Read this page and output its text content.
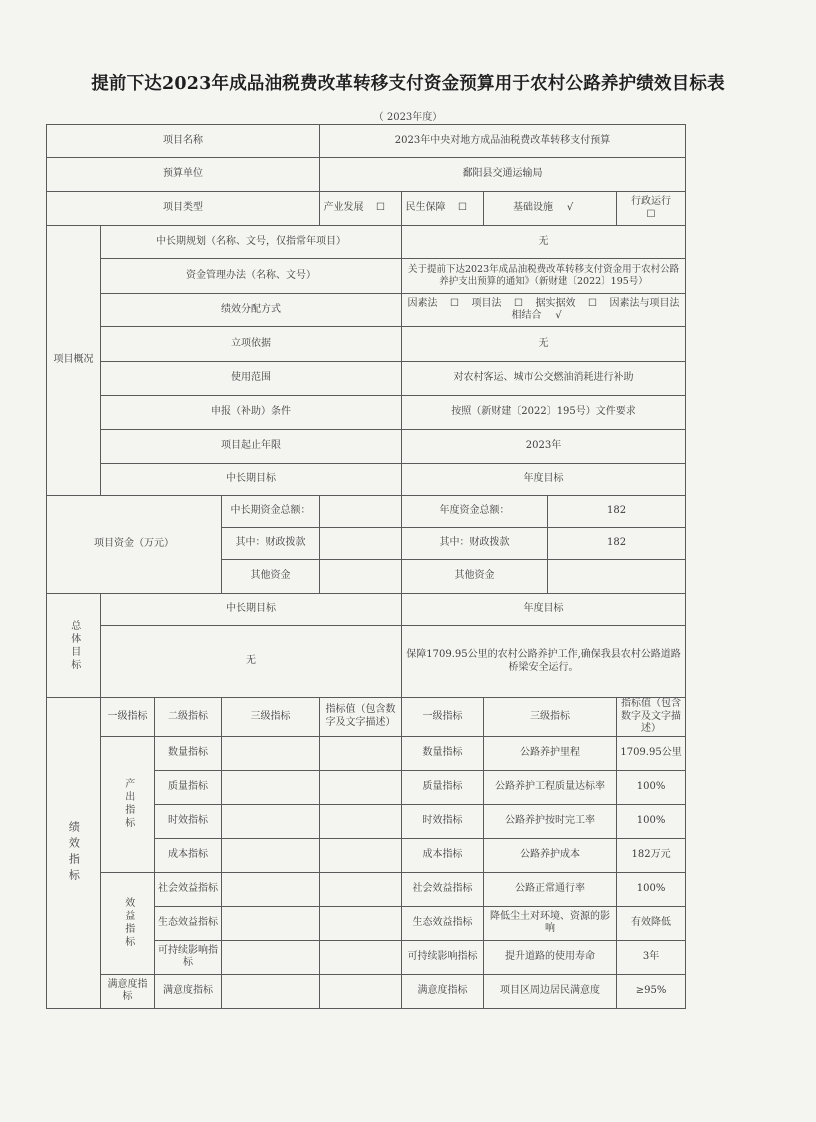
提前下达2023年成品油税费改革转移支付资金预算用于农村公路养护绩效目标表
（ 2023年度）
项目名称				2023年中央对地方成品油税费改革转移支付预算				
预算单位				鄱阳县交通运输局				
项目类型				产业发展 ☐	民生保障 ☐	基础设施 √		行政运行☐
项目概况	中长期规划（名称、文号，仅指常年项目）				无			
	资金管理办法（名称、文号）				关于提前下达2023年成品油税费改革转移支付资金用于农村公路养护支出预算的通知》（新财建〔2022〕195号）			
	绩效分配方式				因素法 ☐ 项目法 ☐ 据实据效 ☐ 因素法与项目法相结合 √			
	立项依据				无			
	使用范围				对农村客运、城市公交燃油消耗进行补助			
	申报（补助）条件				按照（新财建〔2022〕195号）文件要求			
	项目起止年限				2023年			
	中长期目标				年度目标			
项目资金（万元）			中长期资金总额：		年度资金总额：		182	
			其中：财政拨款		其中：财政拨款		182	
			其他资金		其他资金			
总体目标	中长期目标				年度目标			
	无				保障1709.95公里的农村公路养护工作,确保我县农村公路道路桥梁安全运行。			
绩效指标	一级指标	二级指标	三级指标	指标值（包含数字及文字描述）	一级指标	三级指标		指标值（包含数字及文字描述）
	产出指标	数量指标			数量指标	公路养护里程		1709.95公里
		质量指标			质量指标	公路养护工程质量达标率		100%
		时效指标			时效指标	公路养护按时完工率		100%
		成本指标			成本指标	公路养护成本		182万元
	效益指标	社会效益指标			社会效益指标	公路正常通行率		100%
		生态效益指标			生态效益指标	降低尘土对环境、资源的影响		有效降低
		可持续影响指标			可持续影响指标	提升道路的使用寿命		3年
	满意度指标	满意度指标			满意度指标	项目区周边居民满意度		≥95%
